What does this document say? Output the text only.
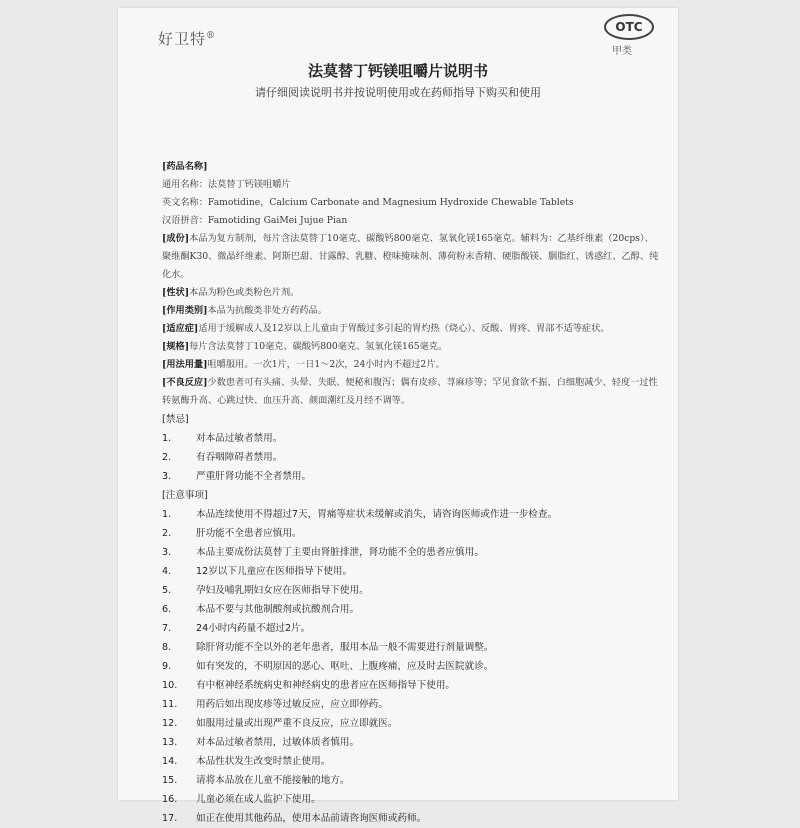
好卫特®
OTC
甲类
法莫替丁钙镁咀嚼片说明书
请仔细阅读说明书并按说明使用或在药师指导下购买和使用
[药品名称]
通用名称：法莫替丁钙镁咀嚼片
英文名称：Famotidine，Calcium Carbonate and Magnesium Hydroxide Chewable Tablets
汉语拼音：Famotiding GaiMei Jujue Pian
[成份]本品为复方制剂，每片含法莫替丁10毫克、碳酸钙800毫克、氢氧化镁165毫克。辅料为：乙基纤维素（20cps）、聚维酮K30、微晶纤维素、阿斯巴甜、甘露醇、乳糖、橙味掩味剂、薄荷粉末香精、硬脂酸镁、胭脂红、诱惑红、乙醇、纯化水。
[性状]本品为粉色或类粉色片剂。
[作用类别]本品为抗酸类非处方药药品。
[适应症]适用于缓解成人及12岁以上儿童由于胃酸过多引起的胃灼热（烧心）、反酸、胃疼、胃部不适等症状。
[规格]每片含法莫替丁10毫克、碳酸钙800毫克、氢氧化镁165毫克。
[用法用量]咀嚼服用。一次1片，一日1～2次，24小时内不超过2片。
[不良反应]少数患者可有头痛、头晕、失眠、便秘和腹泻；偶有皮疹、荨麻疹等；罕见食欲不振、白细胞减少、轻度一过性转氨酶升高、心跳过快、血压升高、颜面潮红及月经不调等。
[禁忌]
1.	对本品过敏者禁用。
2.	有吞咽障碍者禁用。
3.	严重肝肾功能不全者禁用。
[注意事项]
1.	本品连续使用不得超过7天，胃痛等症状未缓解或消失，请咨询医师或作进一步检查。
2.	肝功能不全患者应慎用。
3.	本品主要成份法莫替丁主要由肾脏排泄，肾功能不全的患者应慎用。
4.	12岁以下儿童应在医师指导下使用。
5.	孕妇及哺乳期妇女应在医师指导下使用。
6.	本品不要与其他制酸剂或抗酸剂合用。
7.	24小时内药量不超过2片。
8.	除肝肾功能不全以外的老年患者，服用本品一般不需要进行剂量调整。
9.	如有突发的，不明原因的恶心、呕吐、上腹疼痛，应及时去医院就诊。
10. 有中枢神经系统病史和神经病史的患者应在医师指导下使用。
11. 用药后如出现皮疹等过敏反应，应立即停药。
12. 如服用过量或出现严重不良反应，应立即就医。
13. 对本品过敏者禁用，过敏体质者慎用。
14. 本品性状发生改变时禁止使用。
15. 请将本品放在儿童不能接触的地方。
16. 儿童必须在成人监护下使用。
17. 如正在使用其他药品，使用本品前请咨询医师或药师。
